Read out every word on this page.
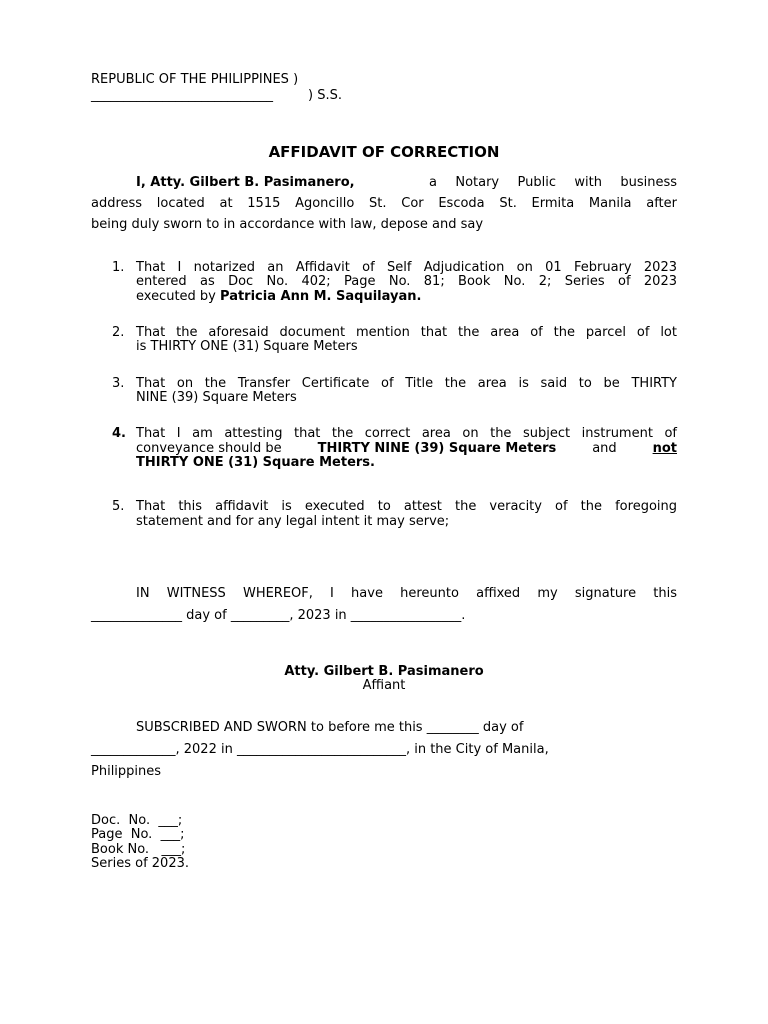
REPUBLIC OF THE PHILIPPINES )
____________________________	) S.S.
AFFIDAVIT OF CORRECTION
I, Atty. Gilbert B. Pasimanero,	a Notary Public with business
address located at 1515 Agoncillo St. Cor Escoda St. Ermita Manila after
being duly sworn to in accordance with law, depose and say
1. That I notarized an Affidavit of Self Adjudication on 01 February 2023
entered as Doc No. 402; Page No. 81; Book No. 2; Series of 2023
executed by Patricia Ann M. Saquilayan.
2. That the aforesaid document mention that the area of the parcel of lot
is THIRTY ONE (31) Square Meters
3. That on the Transfer Certificate of Title the area is said to be THIRTY
NINE (39) Square Meters
4. That I am attesting that the correct area on the subject instrument of
conveyance should be THIRTY NINE (39) Square Meters and not
THIRTY ONE (31) Square Meters.
5. That this affidavit is executed to attest the veracity of the foregoing
statement and for any legal intent it may serve;
IN WITNESS WHEREOF, I have hereunto affixed my signature this
______________ day of _________, 2023 in _________________.
Atty. Gilbert B. Pasimanero
Affiant
SUBSCRIBED AND SWORN to before me this ________ day of
_____________, 2022 in __________________________, in the City of Manila,
Philippines
Doc.  No.  ___;
Page  No.  ___;
Book No.   ___;
Series of 2023.
